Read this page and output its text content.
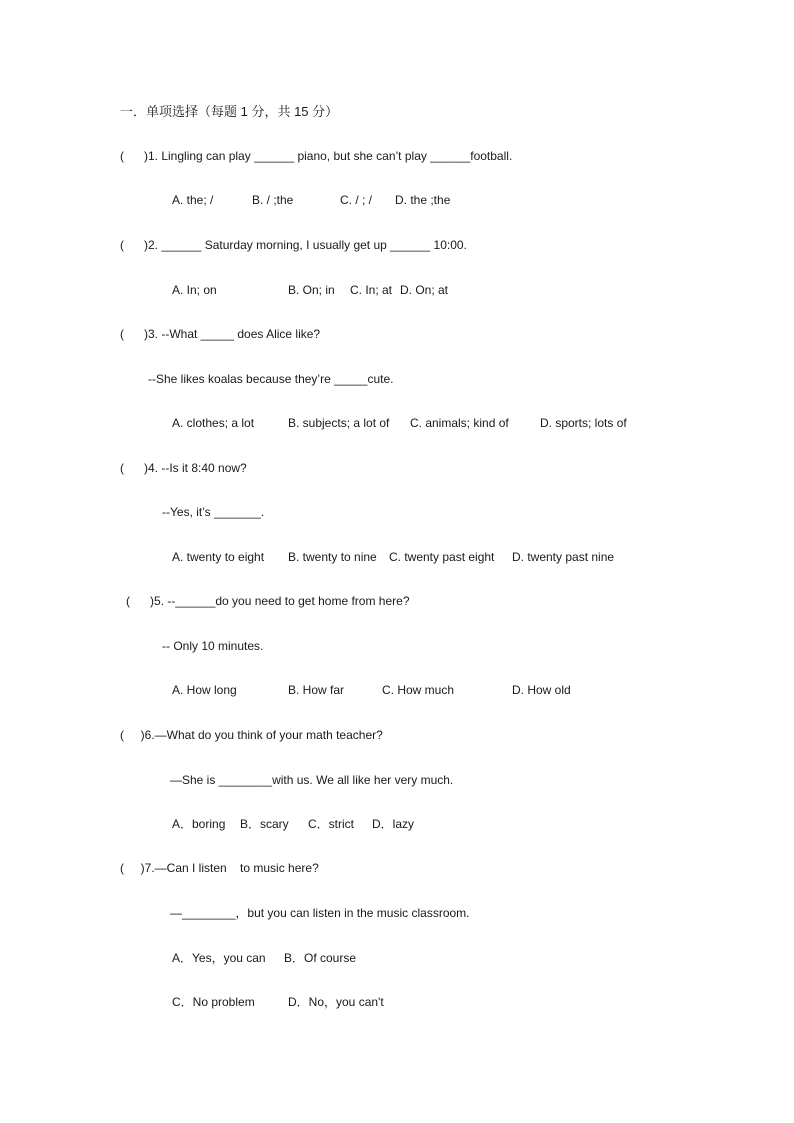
一．单项选择（每题 1 分，共 15 分）
(      )1. Lingling can play ______ piano, but she can’t play ______football.
A. the; /	B. / ;the	C. / ; / D. the ;the
(      )2. ______ Saturday morning, I usually get up ______ 10:00.
A. In; on	B. On; in C. In; at D. On; at
(      )3. --What _____ does Alice like?
--She likes koalas because they’re _____cute.
A. clothes; a lot	B. subjects; a lot of C. animals; kind of	D. sports; lots of
(      )4. --Is it 8:40 now?
--Yes, it’s _______.
A. twenty to eight B. twenty to nine C. twenty past eight D. twenty past nine
(      )5. --______do you need to get home from here?
-- Only 10 minutes.
A. How long	B. How far	C. How much	D. How old
(     )6.—What do you think of your math teacher?
—She is ________with us. We all like her very much.
A．boring B．scary C．strict D．lazy
(     )7.—Can I listen    to music here?
—________，but you can listen in the music classroom.
A．Yes，you can B．Of course
C．No problem	D．No，you can't
